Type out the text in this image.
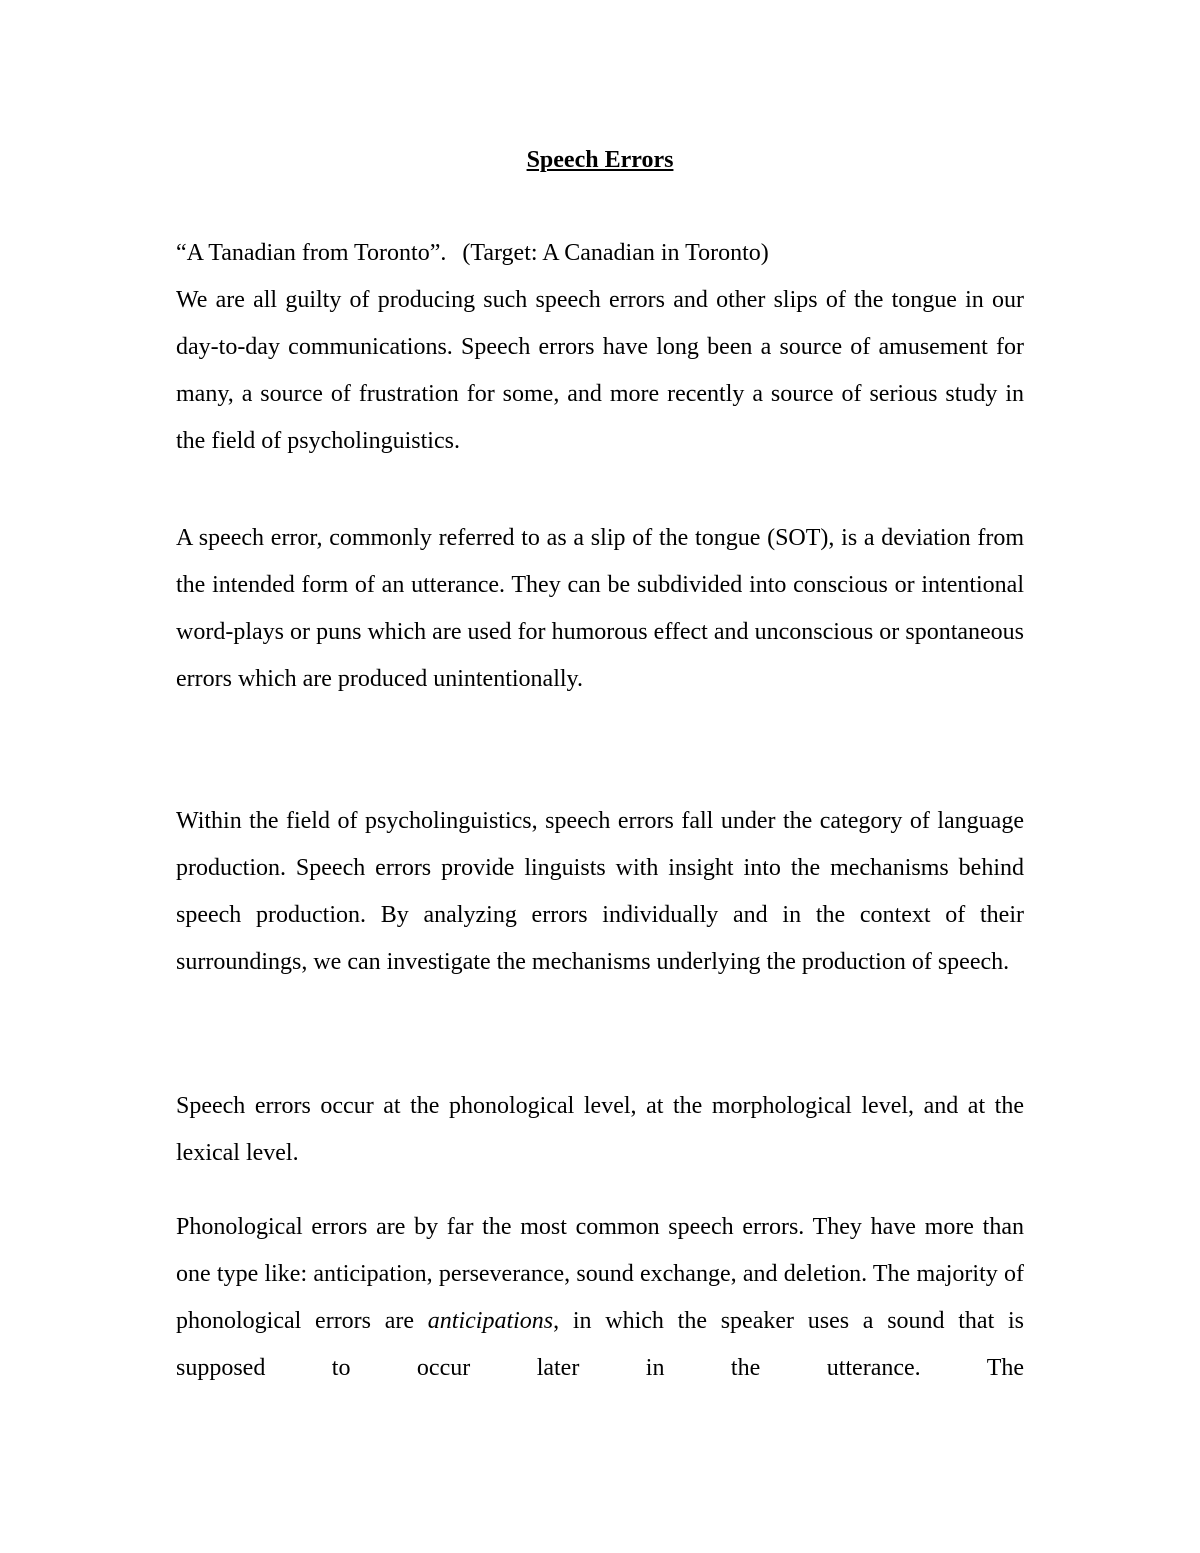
Speech Errors
“A Tanadian from Toronto”. (Target: A Canadian in Toronto)

We are all guilty of producing such speech errors and other slips of the tongue in our day-to-day communications. Speech errors have long been a source of amusement for many, a source of frustration for some, and more recently a source of serious study in the field of psycholinguistics.

A speech error, commonly referred to as a slip of the tongue (SOT), is a deviation from the intended form of an utterance. They can be subdivided into conscious or intentional word-plays or puns which are used for humorous effect and unconscious or spontaneous errors which are produced unintentionally.

Within the field of psycholinguistics, speech errors fall under the category of language production. Speech errors provide linguists with insight into the mechanisms behind speech production. By analyzing errors individually and in the context of their surroundings, we can investigate the mechanisms underlying the production of speech.

Speech errors occur at the phonological level, at the morphological level, and at the lexical level.

Phonological errors are by far the most common speech errors. They have more than one type like: anticipation, perseverance, sound exchange, and deletion. The majority of phonological errors are anticipations, in which the speaker uses a sound that is supposed to occur later in the utterance. The
